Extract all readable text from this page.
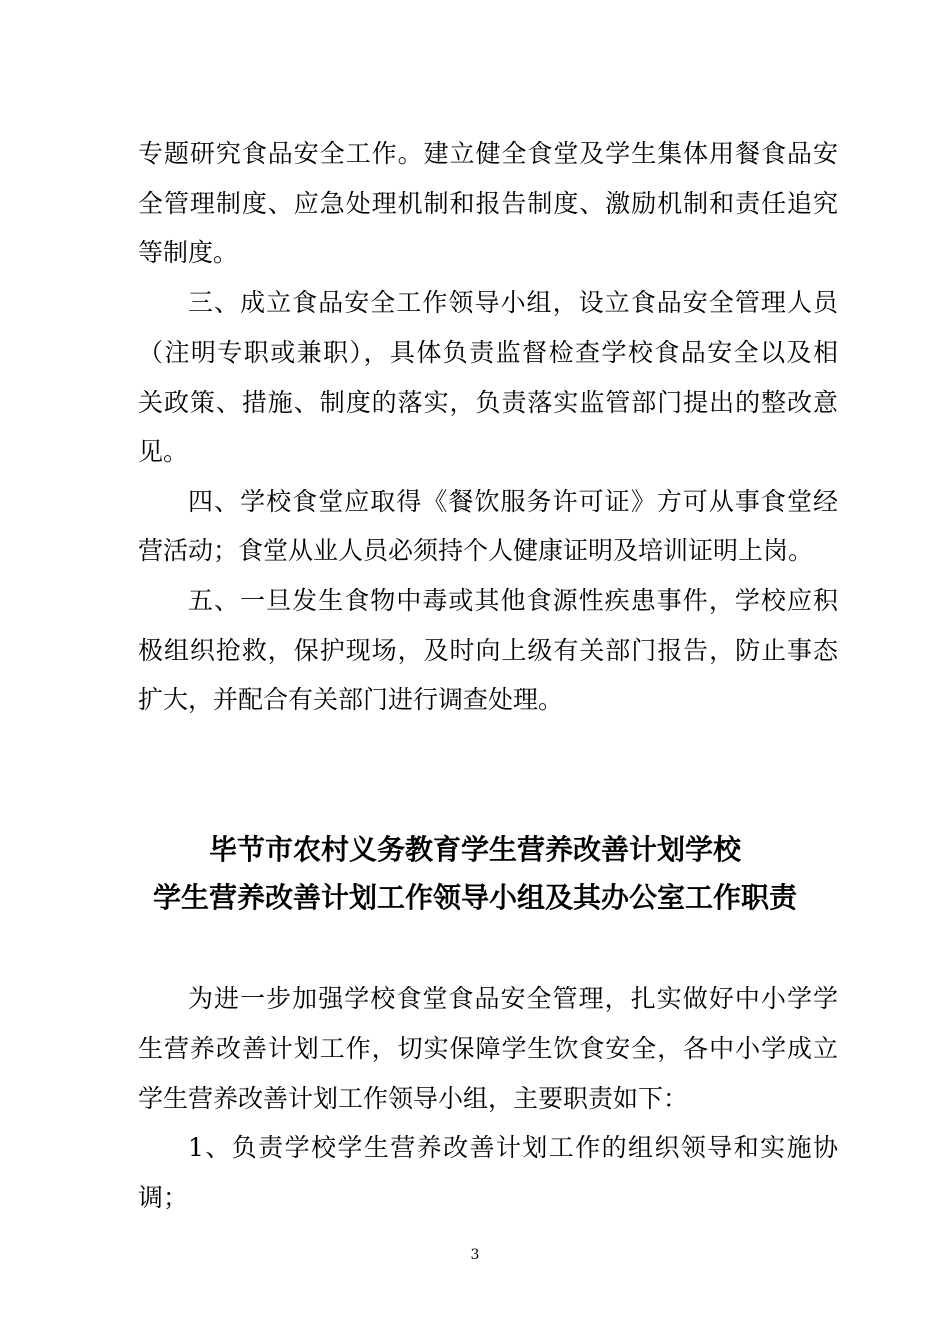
专题研究食品安全工作。建立健全食堂及学生集体用餐食品安
全管理制度、应急处理机制和报告制度、激励机制和责任追究
等制度。
三、成立食品安全工作领导小组，设立食品安全管理人员
（注明专职或兼职），具体负责监督检查学校食品安全以及相
关政策、措施、制度的落实，负责落实监管部门提出的整改意
见。
四、学校食堂应取得《餐饮服务许可证》方可从事食堂经
营活动；食堂从业人员必须持个人健康证明及培训证明上岗。
五、一旦发生食物中毒或其他食源性疾患事件，学校应积
极组织抢救，保护现场，及时向上级有关部门报告，防止事态
扩大，并配合有关部门进行调查处理。
毕节市农村义务教育学生营养改善计划学校
学生营养改善计划工作领导小组及其办公室工作职责
为进一步加强学校食堂食品安全管理，扎实做好中小学学
生营养改善计划工作，切实保障学生饮食安全，各中小学成立
学生营养改善计划工作领导小组，主要职责如下：
1、负责学校学生营养改善计划工作的组织领导和实施协
调；
3
